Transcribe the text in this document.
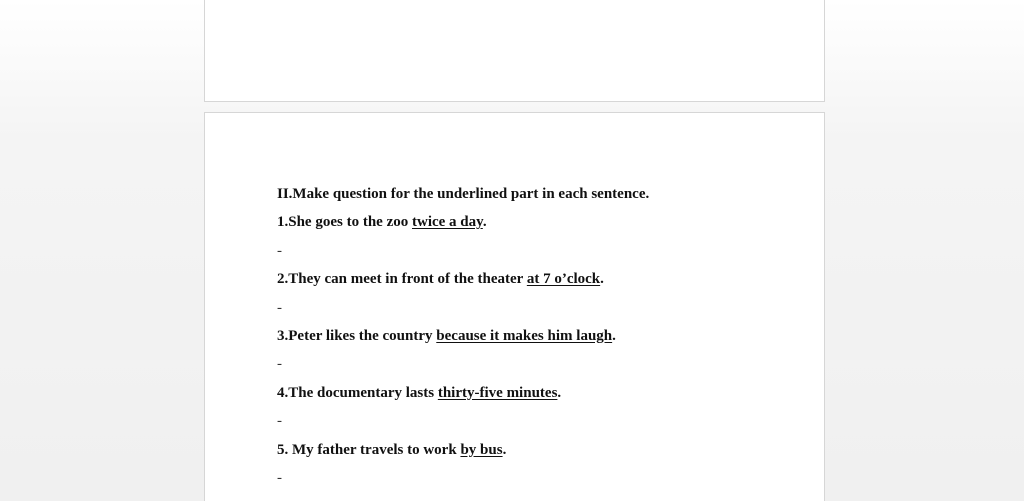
II.Make question for the underlined part in each sentence.
1.She goes to the zoo twice a day.
-
2.They can meet in front of the theater at 7 o’clock.
-
3.Peter likes the country because it makes him laugh.
-
4.The documentary lasts thirty-five minutes.
-
5. My father travels to work by bus.
-
